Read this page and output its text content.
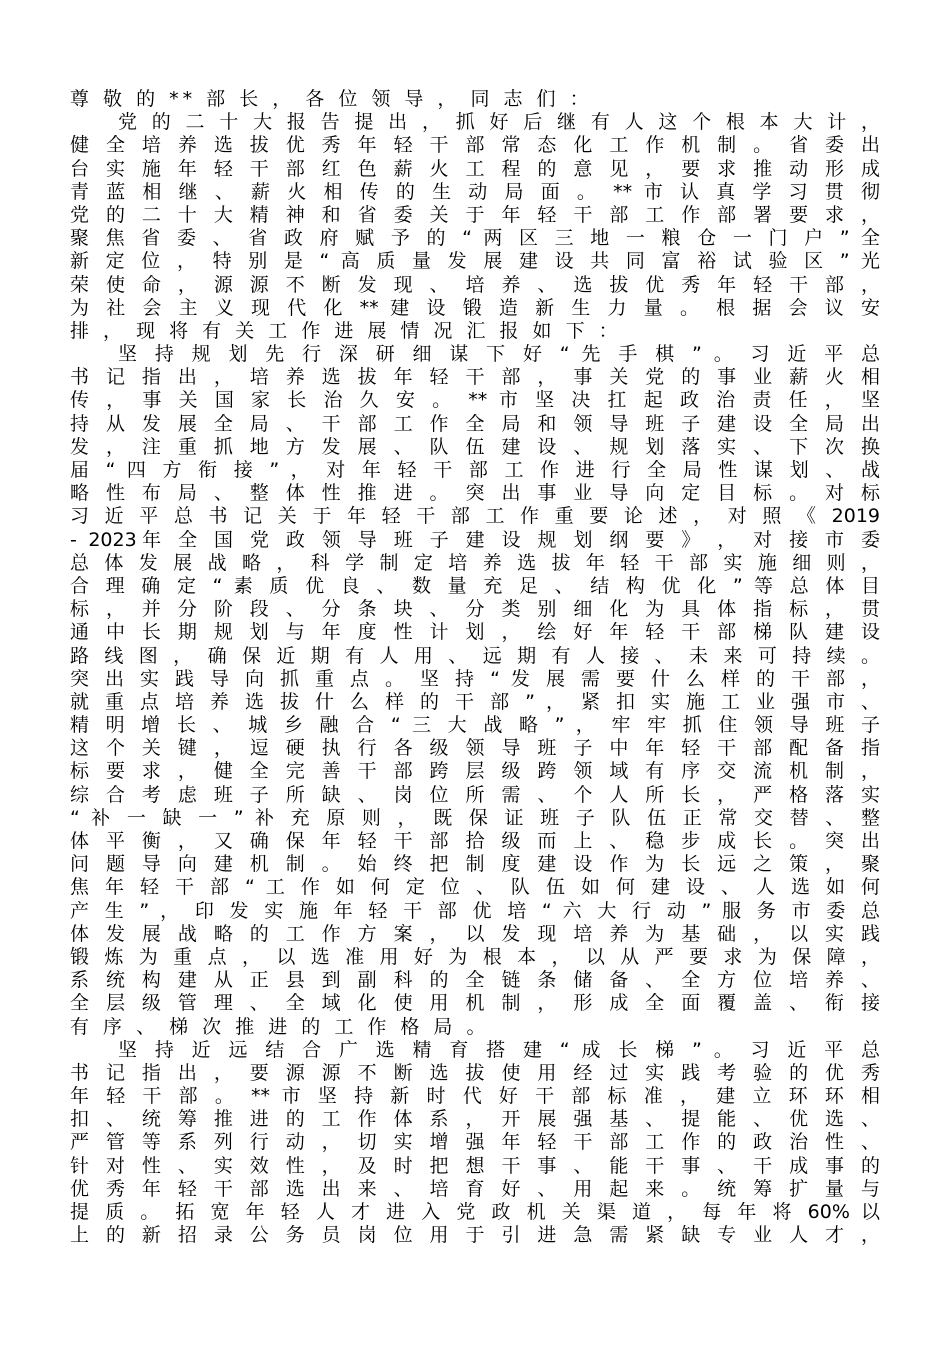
尊 敬 的 ** 部 长 ， 各 位 领 导 ， 同 志 们 ：
党 的 二 十 大 报 告 提 出 ， 抓 好 后 继 有 人 这 个 根 本 大 计 ，
健 全 培 养 选 拔 优 秀 年 轻 干 部 常 态 化 工 作 机 制 。 省 委 出
台 实 施 年 轻 干 部 红 色 薪 火 工 程 的 意 见 ， 要 求 推 动 形 成
青 蓝 相 继 、 薪 火 相 传 的 生 动 局 面 。 ** 市 认 真 学 习 贯 彻
党 的 二 十 大 精 神 和 省 委 关 于 年 轻 干 部 工 作 部 署 要 求 ，
聚 焦 省 委 、 省 政 府 赋 予 的 “ 两 区 三 地 一 粮 仓 一 门 户 ” 全
新 定 位 ， 特 别 是 “ 高 质 量 发 展 建 设 共 同 富 裕 试 验 区 ” 光
荣 使 命 ， 源 源 不 断 发 现 、 培 养 、 选 拔 优 秀 年 轻 干 部 ，
为 社 会 主 义 现 代 化 ** 建 设 锻 造 新 生 力 量 。 根 据 会 议 安
排 ， 现 将 有 关 工 作 进 展 情 况 汇 报 如 下 ：
坚 持 规 划 先 行 深 研 细 谋 下 好 “ 先 手 棋 ” 。 习 近 平 总
书 记 指 出 ， 培 养 选 拔 年 轻 干 部 ， 事 关 党 的 事 业 薪 火 相
传 ， 事 关 国 家 长 治 久 安 。 ** 市 坚 决 扛 起 政 治 责 任 ， 坚
持 从 发 展 全 局 、 干 部 工 作 全 局 和 领 导 班 子 建 设 全 局 出
发 ， 注 重 抓 地 方 发 展 、 队 伍 建 设 、 规 划 落 实 、 下 次 换
届 “ 四 方 衔 接 ” ， 对 年 轻 干 部 工 作 进 行 全 局 性 谋 划 、 战
略 性 布 局 、 整 体 性 推 进 。 突 出 事 业 导 向 定 目 标 。 对 标
习 近 平 总 书 记 关 于 年 轻 干 部 工 作 重 要 论 述 ， 对 照 《 2019
- 2023年 全 国 党 政 领 导 班 子 建 设 规 划 纲 要 》 ， 对 接 市 委
总 体 发 展 战 略 ， 科 学 制 定 培 养 选 拔 年 轻 干 部 实 施 细 则 ，
合 理 确 定 “ 素 质 优 良 、 数 量 充 足 、 结 构 优 化 ” 等 总 体 目
标 ， 并 分 阶 段 、 分 条 块 、 分 类 别 细 化 为 具 体 指 标 ， 贯
通 中 长 期 规 划 与 年 度 性 计 划 ， 绘 好 年 轻 干 部 梯 队 建 设
路 线 图 ， 确 保 近 期 有 人 用 、 远 期 有 人 接 、 未 来 可 持 续 。
突 出 实 践 导 向 抓 重 点 。 坚 持 “ 发 展 需 要 什 么 样 的 干 部 ，
就 重 点 培 养 选 拔 什 么 样 的 干 部 ” ， 紧 扣 实 施 工 业 强 市 、
精 明 增 长 、 城 乡 融 合 “ 三 大 战 略 ” ， 牢 牢 抓 住 领 导 班 子
这 个 关 键 ， 逗 硬 执 行 各 级 领 导 班 子 中 年 轻 干 部 配 备 指
标 要 求 ， 健 全 完 善 干 部 跨 层 级 跨 领 域 有 序 交 流 机 制 ，
综 合 考 虑 班 子 所 缺 、 岗 位 所 需 、 个 人 所 长 ， 严 格 落 实
“ 补 一 缺 一 ” 补 充 原 则 ， 既 保 证 班 子 队 伍 正 常 交 替 、 整
体 平 衡 ， 又 确 保 年 轻 干 部 拾 级 而 上 、 稳 步 成 长 。 突 出
问 题 导 向 建 机 制 。 始 终 把 制 度 建 设 作 为 长 远 之 策 ， 聚
焦 年 轻 干 部 “ 工 作 如 何 定 位 、 队 伍 如 何 建 设 、 人 选 如 何
产 生 ” ， 印 发 实 施 年 轻 干 部 优 培 “ 六 大 行 动 ” 服 务 市 委 总
体 发 展 战 略 的 工 作 方 案 ， 以 发 现 培 养 为 基 础 ， 以 实 践
锻 炼 为 重 点 ， 以 选 准 用 好 为 根 本 ， 以 从 严 要 求 为 保 障 ，
系 统 构 建 从 正 县 到 副 科 的 全 链 条 储 备 、 全 方 位 培 养 、
全 层 级 管 理 、 全 域 化 使 用 机 制 ， 形 成 全 面 覆 盖 、 衔 接
有 序 、 梯 次 推 进 的 工 作 格 局 。
坚 持 近 远 结 合 广 选 精 育 搭 建 “ 成 长 梯 ” 。 习 近 平 总
书 记 指 出 ， 要 源 源 不 断 选 拔 使 用 经 过 实 践 考 验 的 优 秀
年 轻 干 部 。 ** 市 坚 持 新 时 代 好 干 部 标 准 ， 建 立 环 环 相
扣 、 统 筹 推 进 的 工 作 体 系 ， 开 展 强 基 、 提 能 、 优 选 、
严 管 等 系 列 行 动 ， 切 实 增 强 年 轻 干 部 工 作 的 政 治 性 、
针 对 性 、 实 效 性 ， 及 时 把 想 干 事 、 能 干 事 、 干 成 事 的
优 秀 年 轻 干 部 选 出 来 、 培 育 好 、 用 起 来 。 统 筹 扩 量 与
提 质 。 拓 宽 年 轻 人 才 进 入 党 政 机 关 渠 道 ， 每 年 将 60% 以
上 的 新 招 录 公 务 员 岗 位 用 于 引 进 急 需 紧 缺 专 业 人 才 ，
